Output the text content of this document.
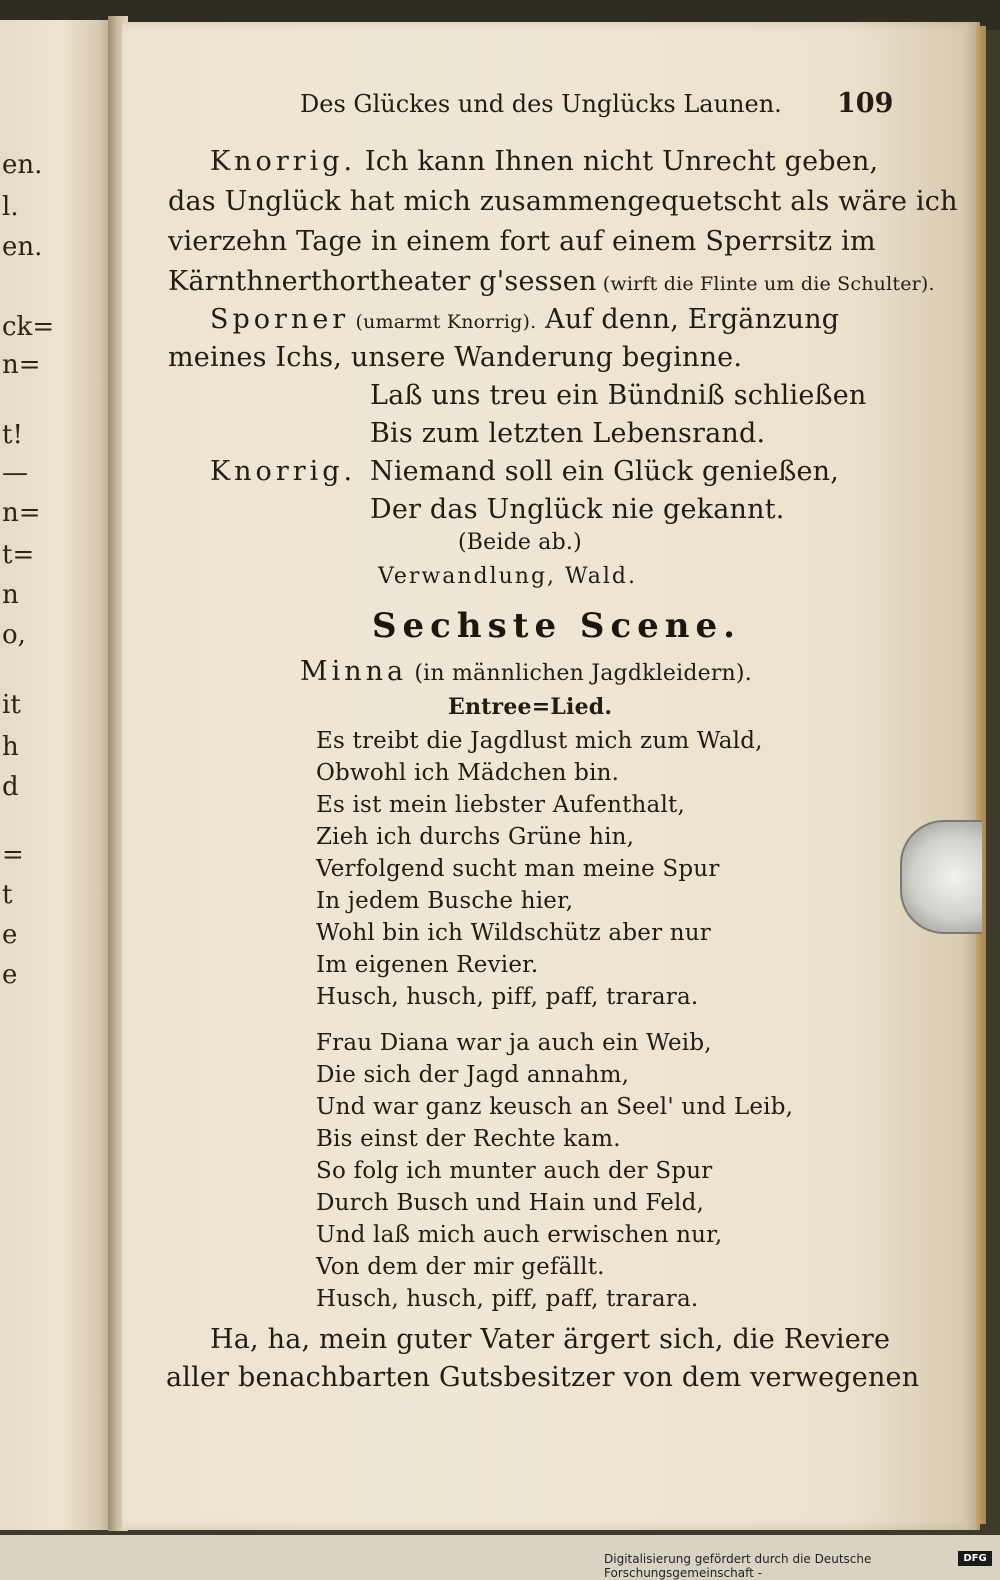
en.
l.
en.
ck=
n=
t!
—
n=
t=
n
o,
it
h
d
=
t
e
e
Des Glückes und des Unglücks Launen. 109
Knorrig. Ich kann Ihnen nicht Unrecht geben,
das Unglück hat mich zusammengequetscht als wäre ich
vierzehn Tage in einem fort auf einem Sperrsitz im
Kärnthnerthortheater g'sessen (wirft die Flinte um die Schulter).
Sporner (umarmt Knorrig). Auf denn, Ergänzung
meines Ichs, unsere Wanderung beginne.
Laß uns treu ein Bündniß schließen
Bis zum letzten Lebensrand.
Knorrig. Niemand soll ein Glück genießen,
Der das Unglück nie gekannt.
(Beide ab.)
Verwandlung, Wald.
Sechste Scene.
Minna (in männlichen Jagdkleidern).
Entree=Lied.
Es treibt die Jagdlust mich zum Wald,
Obwohl ich Mädchen bin.
Es ist mein liebster Aufenthalt,
Zieh ich durchs Grüne hin,
Verfolgend sucht man meine Spur
In jedem Busche hier,
Wohl bin ich Wildschütz aber nur
Im eigenen Revier.
Husch, husch, piff, paff, trarara.
Frau Diana war ja auch ein Weib,
Die sich der Jagd annahm,
Und war ganz keusch an Seel' und Leib,
Bis einst der Rechte kam.
So folg ich munter auch der Spur
Durch Busch und Hain und Feld,
Und laß mich auch erwischen nur,
Von dem der mir gefällt.
Husch, husch, piff, paff, trarara.
Ha, ha, mein guter Vater ärgert sich, die Reviere
aller benachbarten Gutsbesitzer von dem verwegenen
Digitalisierung gefördert durch die Deutsche Forschungsgemeinschaft -
DFG
